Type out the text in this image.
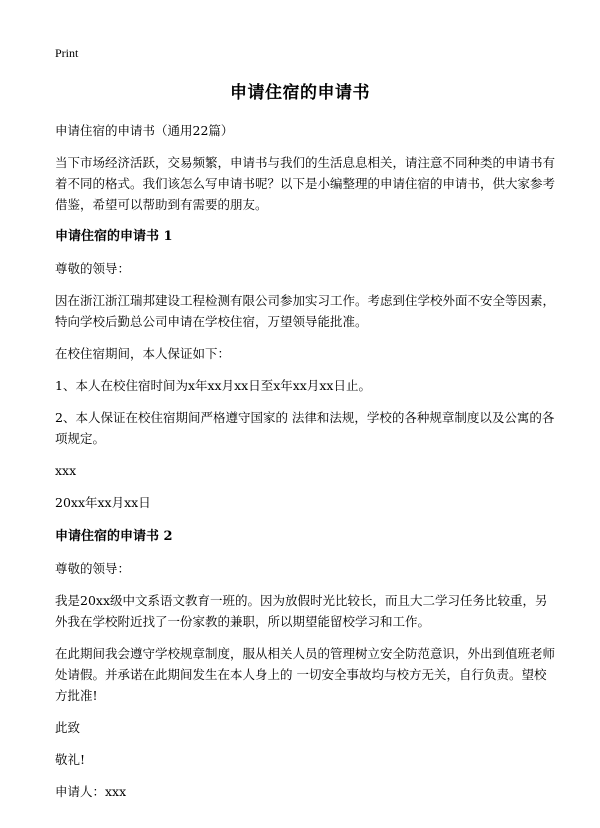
Print
申请住宿的申请书

申请住宿的申请书（通用22篇）

当下市场经济活跃，交易频繁，申请书与我们的生活息息相关，请注意不同种类的申请书有着不同的格式。我们该怎么写申请书呢？以下是小编整理的申请住宿的申请书，供大家参考借鉴，希望可以帮助到有需要的朋友。

申请住宿的申请书 1

尊敬的领导：

因在浙江浙江瑞邦建设工程检测有限公司参加实习工作。考虑到住学校外面不安全等因素，特向学校后勤总公司申请在学校住宿，万望领导能批准。

在校住宿期间，本人保证如下：

1、本人在校住宿时间为x年xx月xx日至x年xx月xx日止。

2、本人保证在校住宿期间严格遵守国家的 法律和法规，学校的各种规章制度以及公寓的各项规定。

xxx

20xx年xx月xx日

申请住宿的申请书 2

尊敬的领导：

我是20xx级中文系语文教育一班的。因为放假时光比较长，而且大二学习任务比较重，另外我在学校附近找了一份家教的兼职，所以期望能留校学习和工作。

在此期间我会遵守学校规章制度，服从相关人员的管理树立安全防范意识，外出到值班老师处请假。并承诺在此期间发生在本人身上的 一切安全事故均与校方无关，自行负责。望校方批准!

此致

敬礼!

申请人：xxx
